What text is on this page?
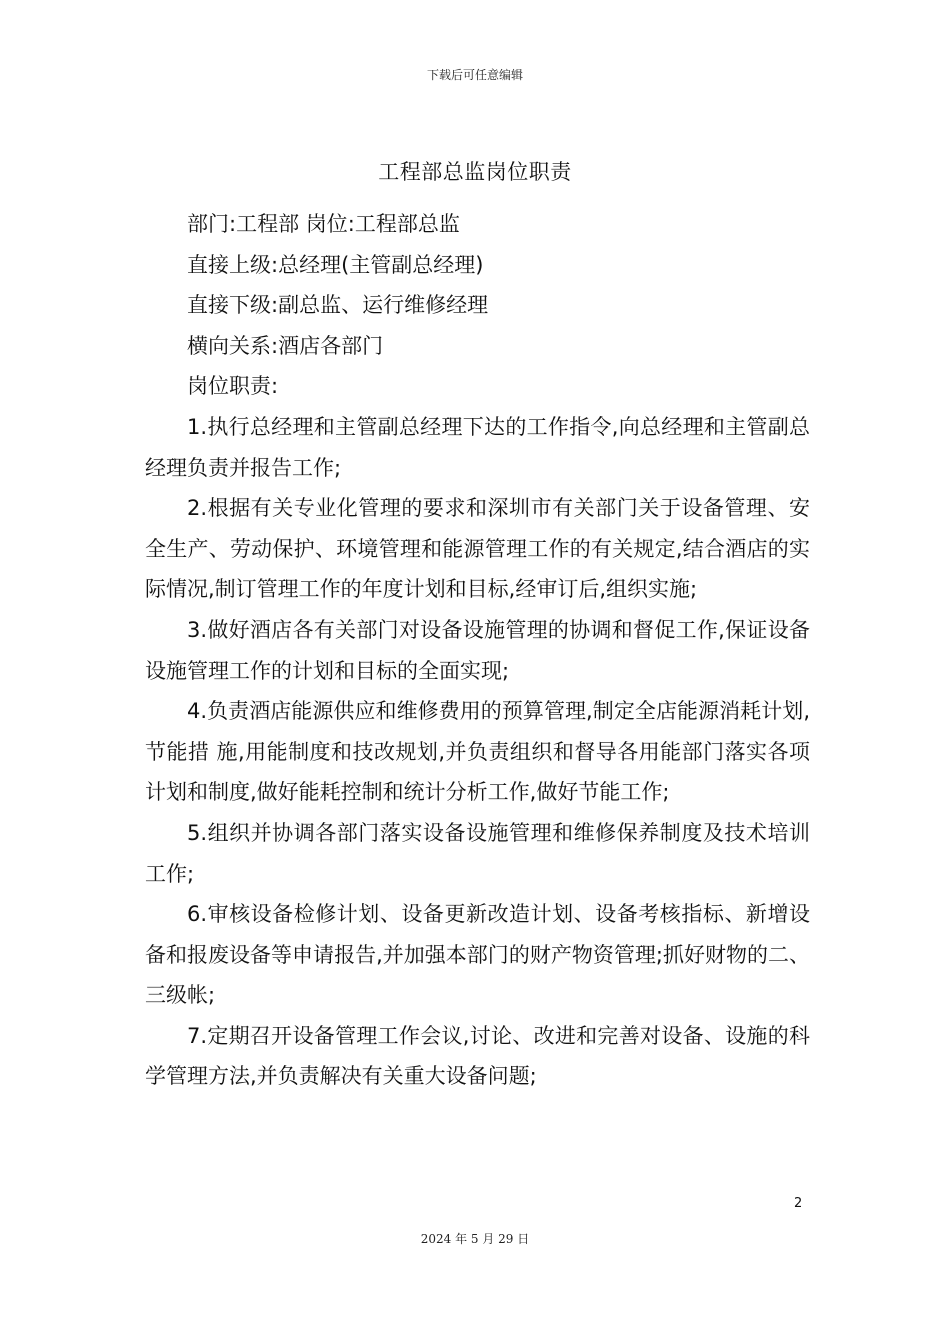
下载后可任意编辑
工程部总监岗位职责

部门:工程部 岗位:工程部总监

直接上级:总经理(主管副总经理)

直接下级:副总监、运行维修经理

横向关系:酒店各部门

岗位职责:

1.执行总经理和主管副总经理下达的工作指令,向总经理和主管副总经理负责并报告工作;

2.根据有关专业化管理的要求和深圳市有关部门关于设备管理、安全生产、劳动保护、环境管理和能源管理工作的有关规定,结合酒店的实际情况,制订管理工作的年度计划和目标,经审订后,组织实施;

3.做好酒店各有关部门对设备设施管理的协调和督促工作,保证设备设施管理工作的计划和目标的全面实现;

4.负责酒店能源供应和维修费用的预算管理,制定全店能源消耗计划,节能措 施,用能制度和技改规划,并负责组织和督导各用能部门落实各项计划和制度,做好能耗控制和统计分析工作,做好节能工作;

5.组织并协调各部门落实设备设施管理和维修保养制度及技术培训工作;

6.审核设备检修计划、设备更新改造计划、设备考核指标、新增设备和报废设备等申请报告,并加强本部门的财产物资管理;抓好财物的二、三级帐;

7.定期召开设备管理工作会议,讨论、改进和完善对设备、设施的科学管理方法,并负责解决有关重大设备问题;

2
2024 年 5 月 29 日
